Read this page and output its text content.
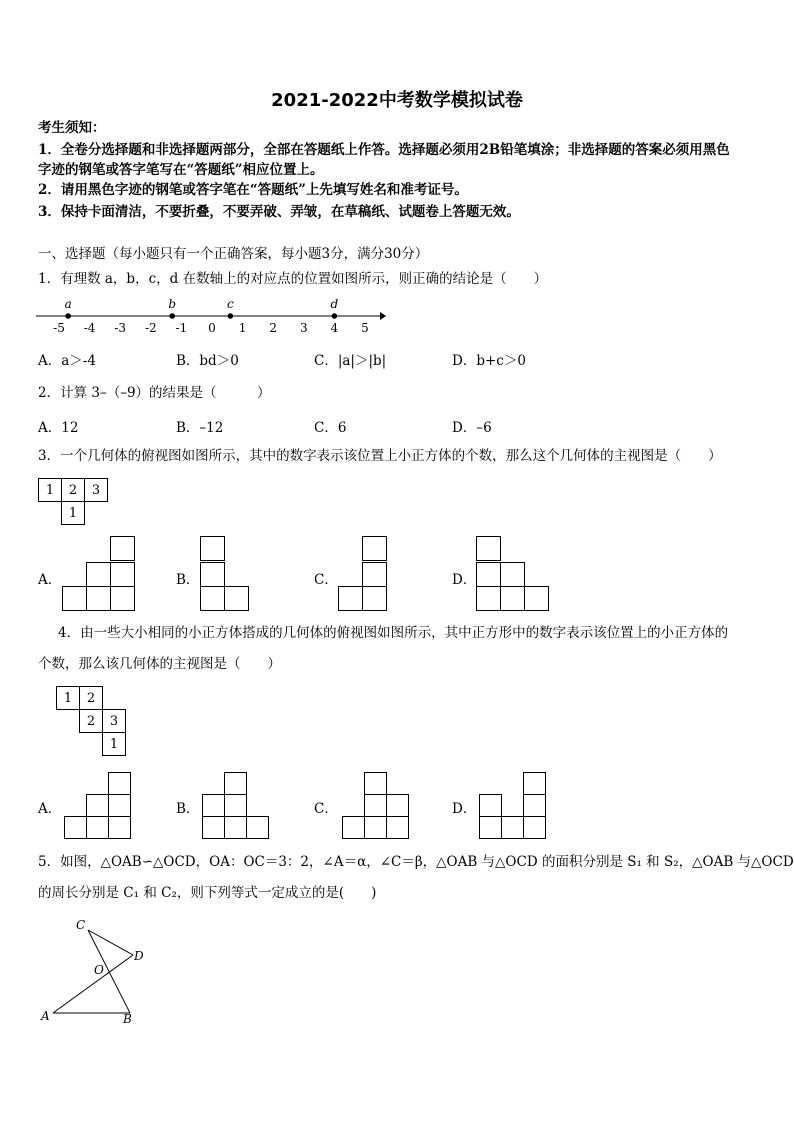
2021-2022中考数学模拟试卷
考生须知：
1．全卷分选择题和非选择题两部分，全部在答题纸上作答。选择题必须用2B铅笔填涂；非选择题的答案必须用黑色
字迹的钢笔或答字笔写在“答题纸”相应位置上。
2．请用黑色字迹的钢笔或答字笔在“答题纸”上先填写姓名和准考证号。
3．保持卡面清洁，不要折叠，不要弄破、弄皱，在草稿纸、试题卷上答题无效。
一、选择题（每小题只有一个正确答案，每小题3分，满分30分）
1．有理数 a，b，c，d 在数轴上的对应点的位置如图所示，则正确的结论是（　　）
-5 -4 -3 -2 -1 0 1 2 3 4 5
a	b	c	d
A．a＞-4	B．bd＞0	C．|a|＞|b|	D．b+c＞0
2．计算 3–（–9）的结果是（　　　）
A．12	B．–12	C．6	D．–6
3．一个几何体的俯视图如图所示，其中的数字表示该位置上小正方体的个数，那么这个几何体的主视图是（　　）
1	2	3
	1	
A．	B．	C．	D．
4．由一些大小相同的小正方体搭成的几何体的俯视图如图所示，其中正方形中的数字表示该位置上的小正方体的
个数，那么该几何体的主视图是（　　）
1	2	
	2	3
		1
A．	B．	C．	D．
5．如图，△OAB∽△OCD，OA：OC＝3：2，∠A＝α，∠C＝β，△OAB 与△OCD 的面积分别是 S₁ 和 S₂，△OAB 与△OCD
的周长分别是 C₁ 和 C₂，则下列等式一定成立的是(　　)
C
D
O
A	B
